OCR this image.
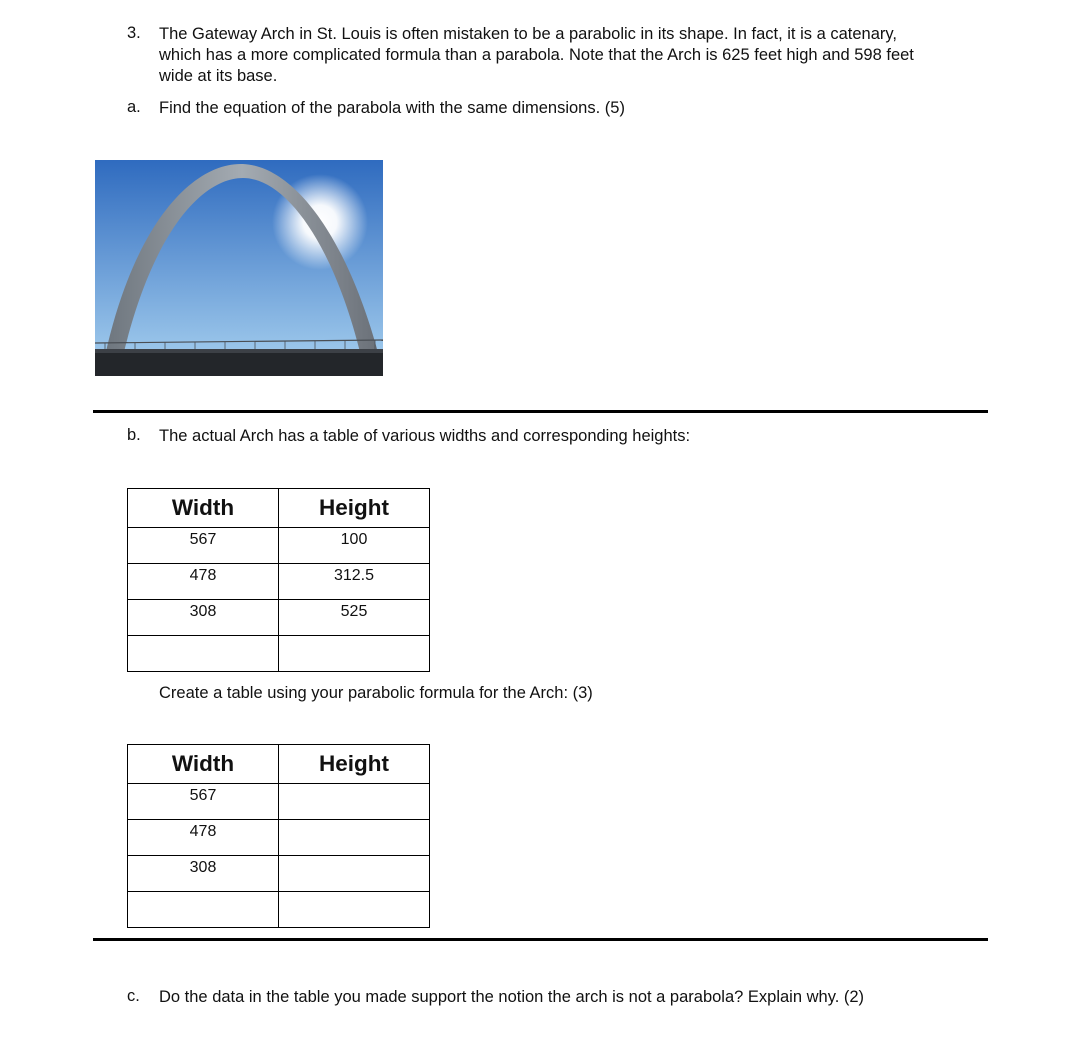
3.	The Gateway Arch in St. Louis is often mistaken to be a parabolic in its shape. In fact, it is a catenary,
which has a more complicated formula than a parabola. Note that the Arch is 625 feet high and 598 feet
wide at its base.
a.	Find the equation of the parabola with the same dimensions. (5)
b.	The actual Arch has a table of various widths and corresponding heights:
Width	Height
567	100
478	312.5
308	525

Create a table using your parabolic formula for the Arch: (3)
Width	Height
567	
478	
308	

c.	Do the data in the table you made support the notion the arch is not a parabola? Explain why. (2)
